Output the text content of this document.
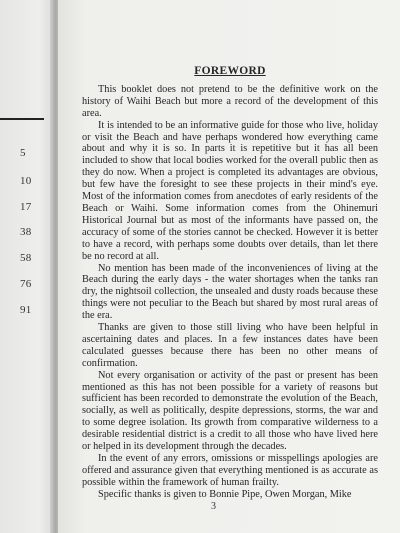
5
10
17
38
58
76
91
FOREWORD

This booklet does not pretend to be the definitive work on the history of Waihi Beach but more a record of the development of this area.

It is intended to be an informative guide for those who live, holiday or visit the Beach and have perhaps wondered how everything came about and why it is so. In parts it is repetitive but it has all been included to show that local bodies worked for the overall public then as they do now. When a project is completed its advantages are obvious, but few have the foresight to see these projects in their mind's eye. Most of the information comes from anecdotes of early residents of the Beach or Waihi. Some information comes from the Ohinemuri Historical Journal but as most of the informants have passed on, the accuracy of some of the stories cannot be checked. However it is better to have a record, with perhaps some doubts over details, than let there be no record at all.

No mention has been made of the inconveniences of living at the Beach during the early days - the water shortages when the tanks ran dry, the nightsoil collection, the unsealed and dusty roads because these things were not peculiar to the Beach but shared by most rural areas of the era.

Thanks are given to those still living who have been helpful in ascertaining dates and places. In a few instances dates have been calculated guesses because there has been no other means of confirmation.

Not every organisation or activity of the past or present has been mentioned as this has not been possible for a variety of reasons but sufficient has been recorded to demonstrate the evolution of the Beach, socially, as well as politically, despite depressions, storms, the war and to some degree isolation. Its growth from comparative wilderness to a desirable residential district is a credit to all those who have lived here or helped in its development through the decades.

In the event of any errors, omissions or misspellings apologies are offered and assurance given that everything mentioned is as accurate as possible within the framework of human frailty.

Specific thanks is given to Bonnie Pipe, Owen Morgan, Mike

3
